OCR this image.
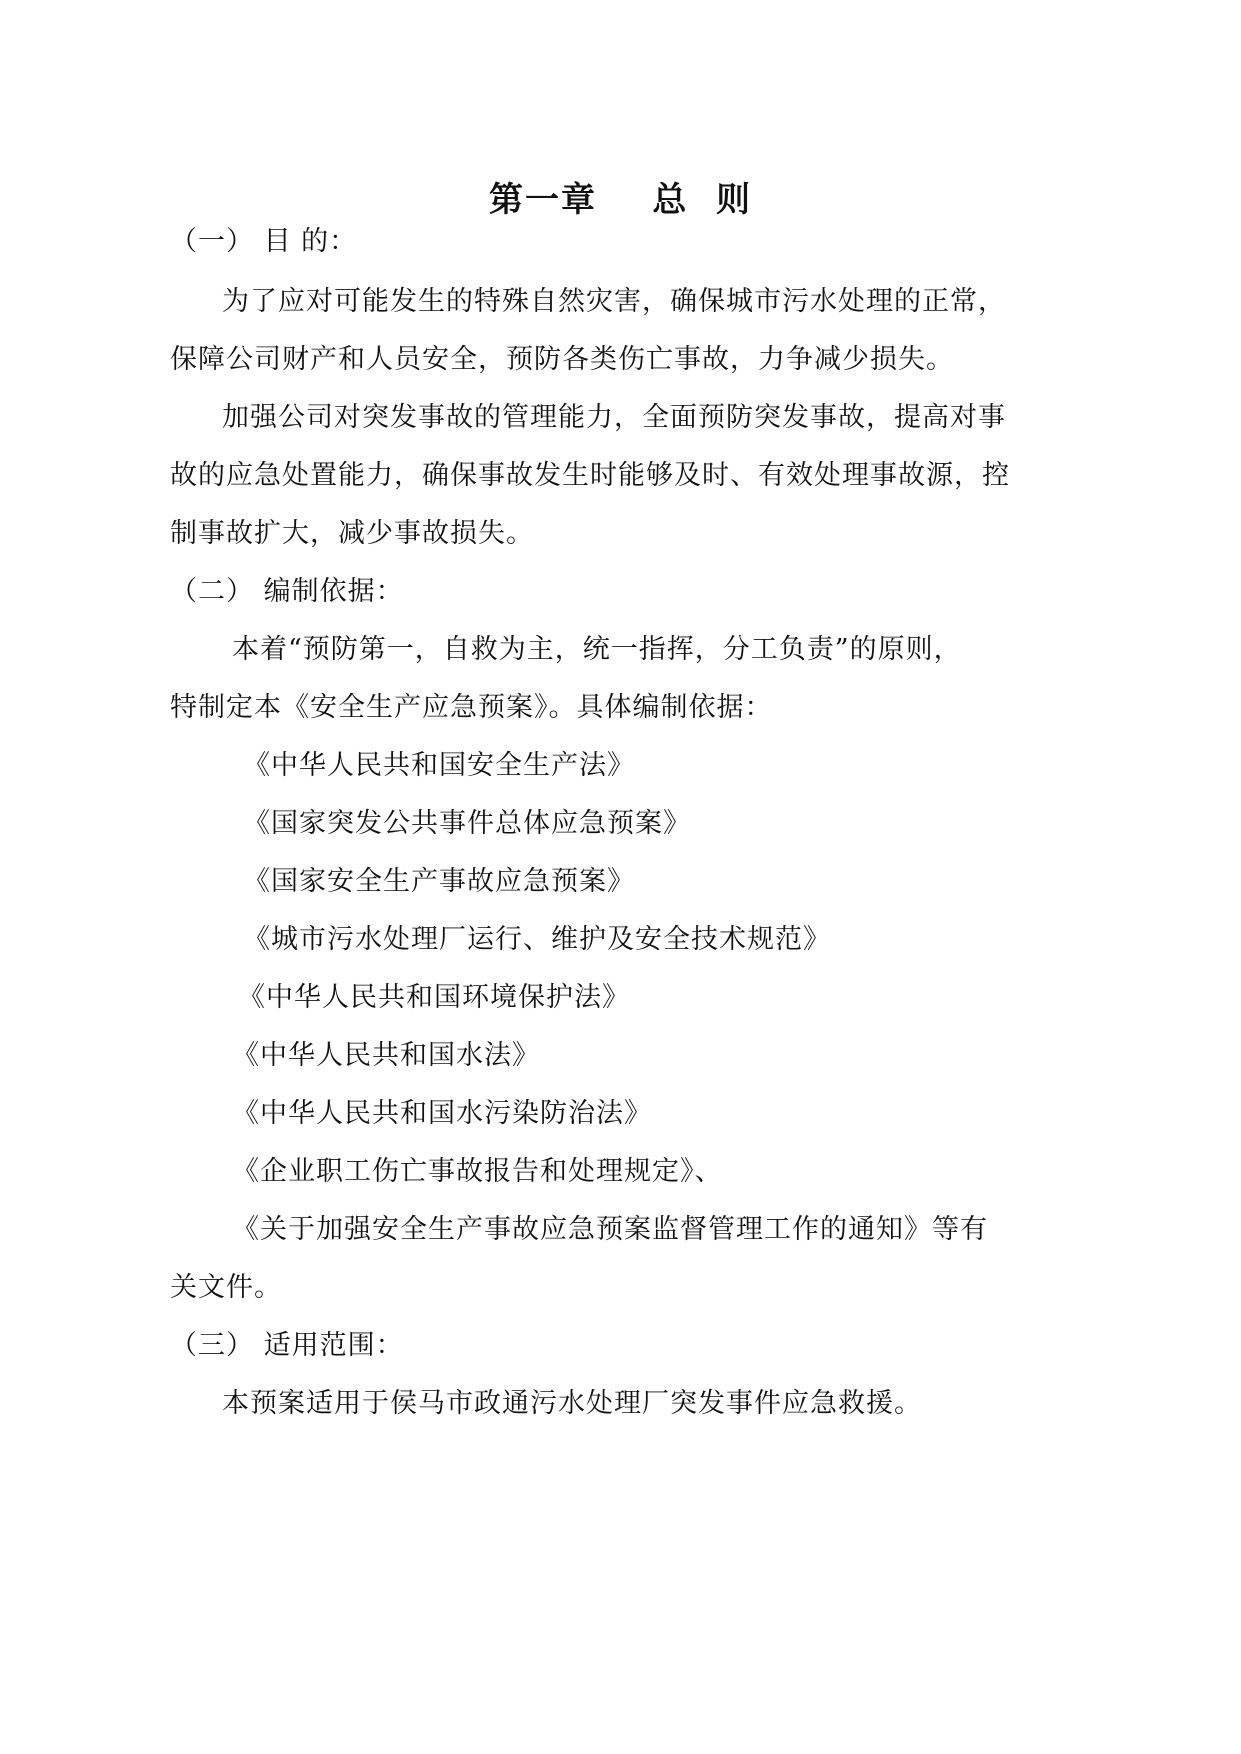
第一章    总  则
（一） 目 的：
为了应对可能发生的特殊自然灾害，确保城市污水处理的正常，
保障公司财产和人员安全，预防各类伤亡事故，力争减少损失。
加强公司对突发事故的管理能力，全面预防突发事故，提高对事
故的应急处置能力，确保事故发生时能够及时、有效处理事故源，控
制事故扩大，减少事故损失。
（二） 编制依据：
本着“预防第一，自救为主，统一指挥，分工负责”的原则，
特制定本《安全生产应急预案》。具体编制依据：
《中华人民共和国安全生产法》
《国家突发公共事件总体应急预案》
《国家安全生产事故应急预案》
《城市污水处理厂运行、维护及安全技术规范》
《中华人民共和国环境保护法》
《中华人民共和国水法》
《中华人民共和国水污染防治法》
《企业职工伤亡事故报告和处理规定》、
《关于加强安全生产事故应急预案监督管理工作的通知》等有
关文件。
（三） 适用范围：
本预案适用于侯马市政通污水处理厂突发事件应急救援。
